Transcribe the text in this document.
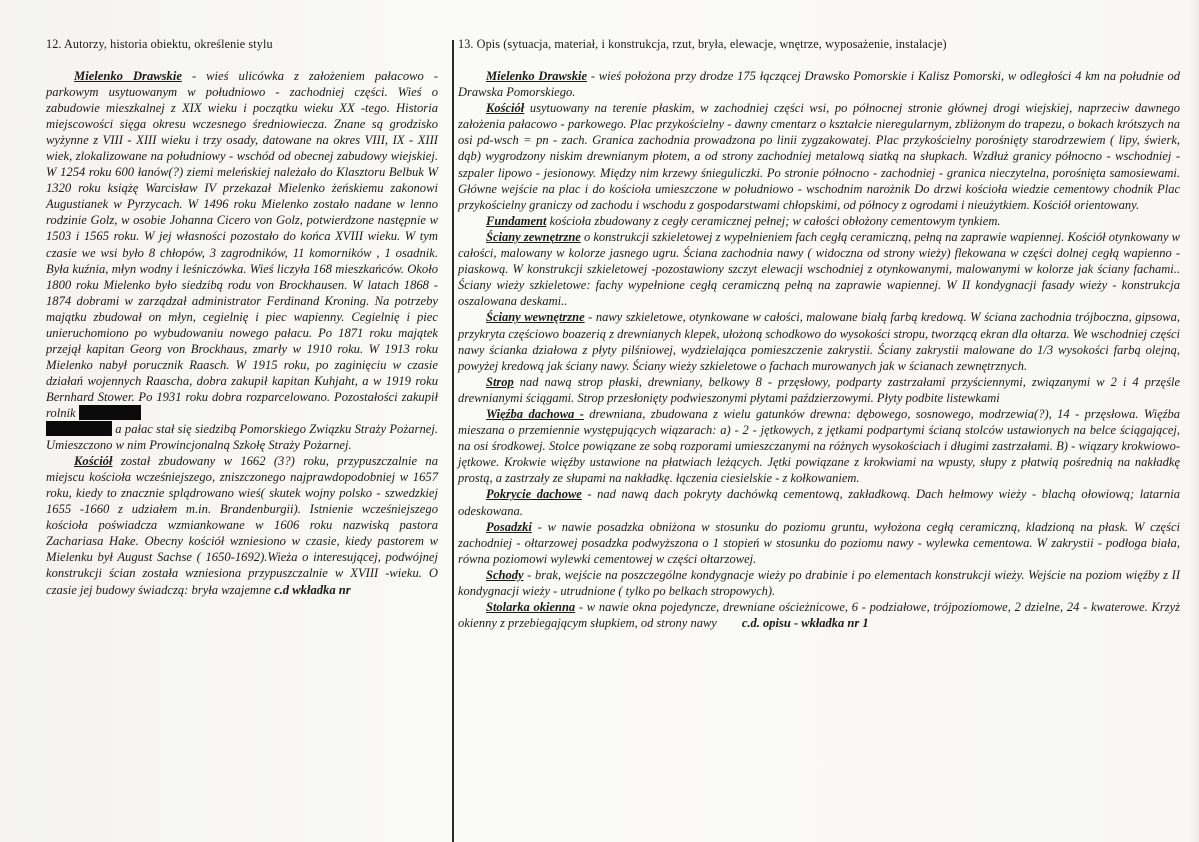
12. Autorzy, historia obiektu, określenie stylu

Mielenko Drawskie - wieś ulicówka z założeniem pałacowo - parkowym usytuowanym w południowo - zachodniej części. Wieś o zabudowie mieszkalnej z XIX wieku i początku wieku XX -tego. Historia miejscowości sięga okresu wczesnego średniowiecza. Znane są grodzisko wyżynne z VIII - XIII wieku i trzy osady, datowane na okres VIII, IX - XIII wiek, zlokalizowane na południowy - wschód od obecnej zabudowy wiejskiej. W 1254 roku 600 łanów(?) ziemi meleńskiej należało do Klasztoru Belbuk W 1320 roku książę Warcisław IV przekazał Mielenko żeńskiemu zakonowi Augustianek w Pyrzycach. W 1496 roku Mielenko zostało nadane w lenno rodzinie Golz, w osobie Johanna Cicero von Golz, potwierdzone następnie w 1503 i 1565 roku. W jej własności pozostało do końca XVIII wieku. W tym czasie we wsi było 8 chłopów, 3 zagrodników, 11 komorników , 1 osadnik. Była kuźnia, młyn wodny i leśniczówka. Wieś liczyła 168 mieszkańców. Około 1800 roku Mielenko było siedzibą rodu von Brockhausen. W latach 1868 - 1874 dobrami w zarządzał administrator Ferdinand Kroning. Na potrzeby majątku zbudował on młyn, cegielnię i piec wapienny. Cegielnię i piec unieruchomiono po wybudowaniu nowego pałacu. Po 1871 roku majątek przejął kapitan Georg von Brockhaus, zmarły w 1910 roku. W 1913 roku Mielenko nabył porucznik Raasch. W 1915 roku, po zaginięciu w czasie działań wojennych Raascha, dobra zakupił kapitan Kuhjaht, a w 1919 roku Bernhard Stower. Po 1931 roku dobra rozparcelowano. Pozostałości zakupił rolnik
a pałac stał się siedzibą Pomorskiego Związku Straży Pożarnej. Umieszczono w nim Prowincjonalną Szkołę Straży Pożarnej.

Kościół został zbudowany w 1662 (3?) roku, przypuszczalnie na miejscu kościoła wcześniejszego, zniszczonego najprawdopodobniej w 1657 roku, kiedy to znacznie splądrowano wieś( skutek wojny polsko - szwedzkiej 1655 -1660 z udziałem m.in. Brandenburgii). Istnienie wcześniejszego kościoła poświadcza wzmiankowane w 1606 roku nazwiskq pastora Zachariasa Hake. Obecny kościół wzniesiono w czasie, kiedy pastorem w Mielenku był August Sachse ( 1650-1692).Wieża o interesującej, podwójnej konstrukcji ścian została wzniesiona przypuszczalnie w XVIII -wieku. O czasie jej budowy świadczą: bryła wzajemne c.d wkładka nr

13. Opis (sytuacja, materiał, i konstrukcja, rzut, bryła, elewacje, wnętrze, wyposażenie, instalacje)

Mielenko Drawskie - wieś położona przy drodze 175 łączącej Drawsko Pomorskie i Kalisz Pomorski, w odległości 4 km na południe od Drawska Pomorskiego.

Kościół usytuowany na terenie płaskim, w zachodniej części wsi, po północnej stronie głównej drogi wiejskiej, naprzeciw dawnego założenia pałacowo - parkowego. Plac przykościelny - dawny cmentarz o kształcie nieregularnym, zbliżonym do trapezu, o bokach krótszych na osi pd-wsch = pn - zach. Granica zachodnia prowadzona po linii zygzakowatej. Plac przykościelny porośnięty starodrzewiem ( lipy, świerk, dąb) wygrodzony niskim drewnianym płotem, a od strony zachodniej metalową siatką na słupkach. Wzdłuż granicy północno - wschodniej - szpaler lipowo - jesionowy. Między nim krzewy śnieguliczki. Po stronie północno - zachodniej - granica nieczytelna, porośnięta samosiewami. Główne wejście na plac i do kościoła umieszczone w południowo - wschodnim narożnik Do drzwi kościoła wiedzie cementowy chodnik Plac przykościelny graniczy od zachodu i wschodu z gospodarstwami chłopskimi, od północy z ogrodami i nieużytkiem. Kościół orientowany.

Fundament kościoła zbudowany z cegły ceramicznej pełnej; w całości obłożony cementowym tynkiem.

Ściany zewnętrzne o konstrukcji szkieletowej z wypełnieniem fach cegłą ceramiczną, pełną na zaprawie wapiennej. Kościół otynkowany w całości, malowany w kolorze jasnego ugru. Ściana zachodnia nawy ( widoczna od strony wieży) flekowana w części dolnej cegłą wapienno -piaskową. W konstrukcji szkieletowej -pozostawiony szczyt elewacji wschodniej z otynkowanymi, malowanymi w kolorze jak ściany fachami.. Ściany wieży szkieletowe: fachy wypełnione cegłą ceramiczną pełną na zaprawie wapiennej. W II kondygnacji fasady wieży - konstrukcja oszalowana deskami..

Ściany wewnętrzne - nawy szkieletowe, otynkowane w całości, malowane białą farbą kredową. W ściana zachodnia trójboczna, gipsowa, przykryta częściowo boazerią z drewnianych klepek, ułożoną schodkowo do wysokości stropu, tworzącą ekran dla ołtarza. We wschodniej części nawy ścianka działowa z płyty pilśniowej, wydzielająca pomieszczenie zakrystii. Ściany zakrystii malowane do 1/3 wysokości farbą olejną, powyżej kredową jak ściany nawy. Ściany wieży szkieletowe o fachach murowanych jak w ścianach zewnętrznych.

Strop nad nawą strop płaski, drewniany, belkowy 8 - przęsłowy, podparty zastrzałami przyściennymi, związanymi w 2 i 4 przęśle drewnianymi ściągami. Strop przesłonięty podwieszonymi płytami paździerzowymi. Płyty podbite listewkami

Więźba dachowa - drewniana, zbudowana z wielu gatunków drewna: dębowego, sosnowego, modrzewia(?), 14 - przęsłowa. Więźba mieszana o przemiennie występujących wiązarach: a) - 2 - jętkowych, z jętkami podpartymi ścianą stolców ustawionych na belce ściągającej, na osi środkowej. Stolce powiązane ze sobą rozporami umieszczanymi na różnych wysokościach i długimi zastrzałami. B) - wiązary krokwiowo- jętkowe. Krokwie więźby ustawione na płatwiach leżących. Jętki powiązane z krokwiami na wpusty, słupy z płatwią pośrednią na nakładkę prostą, a zastrzały ze słupami na nakładkę. łączenia ciesielskie - z kołkowaniem.

Pokrycie dachowe - nad nawą dach pokryty dachówką cementową, zakładkową. Dach hełmowy wieży - blachą ołowiową; latarnia odeskowana.

Posadzki - w nawie posadzka obniżona w stosunku do poziomu gruntu, wyłożona cegłą ceramiczną, kladzioną na płask. W części zachodniej - ołtarzowej posadzka podwyższona o 1 stopień w stosunku do poziomu nawy - wylewka cementowa. W zakrystii - podłoga biała, równa poziomowi wylewki cementowej w części ołtarzowej.

Schody - brak, wejście na poszczególne kondygnacje wieży po drabinie i po elementach konstrukcji wieży. Wejście na poziom więźby z II kondygnacji wieży - utrudnione ( tylko po belkach stropowych).

Stolarka okienna - w nawie okna pojedyncze, drewniane ościeżnicowe, 6 - podziałowe, trójpoziomowe, 2 dzielne, 24 - kwaterowe. Krzyż okienny z przebiegającym słupkiem, od strony nawy c.d. opisu - wkładka nr 1
